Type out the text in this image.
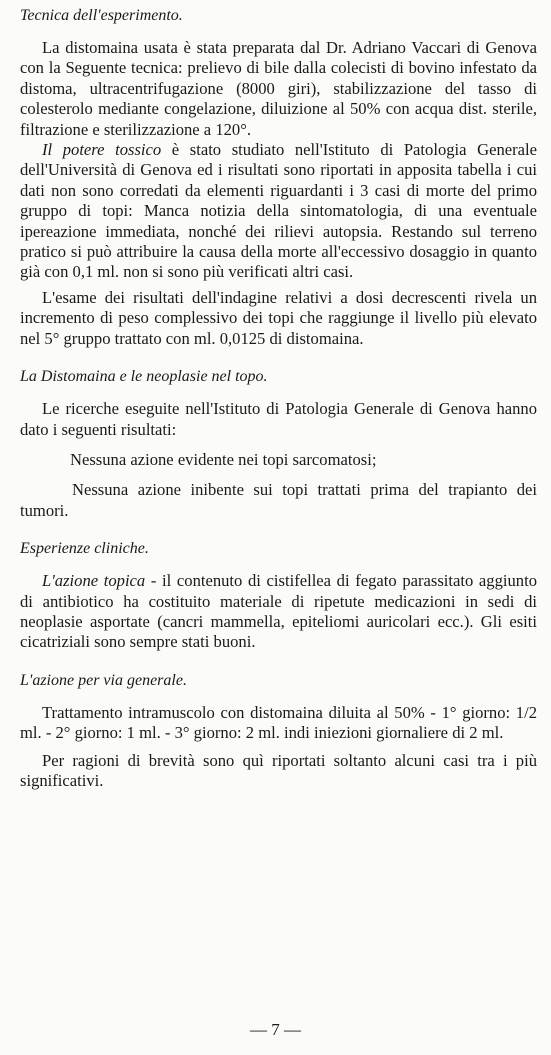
Tecnica dell'esperimento.

La distomaina usata è stata preparata dal Dr. Adriano Vaccari di Genova con la Seguente tecnica: prelievo di bile dalla colecisti di bovino infestato da distoma, ultracentrifugazione (8000 giri), stabilizzazione del tasso di colesterolo mediante congelazione, diluizione al 50% con acqua dist. sterile, filtrazione e sterilizzazione a 120°.

Il potere tossico è stato studiato nell'Istituto di Patologia Generale dell'Università di Genova ed i risultati sono riportati in apposita tabella i cui dati non sono corredati da elementi riguardanti i 3 casi di morte del primo gruppo di topi: Manca notizia della sintomatologia, di una eventuale ipereazione immediata, nonché dei rilievi autopsia. Restando sul terreno pratico si può attribuire la causa della morte all'eccessivo dosaggio in quanto già con 0,1 ml. non si sono più verificati altri casi.

L'esame dei risultati dell'indagine relativi a dosi decrescenti rivela un incremento di peso complessivo dei topi che raggiunge il livello più elevato nel 5° gruppo trattato con ml. 0,0125 di distomaina.

La Distomaina e le neoplasie nel topo.

Le ricerche eseguite nell'Istituto di Patologia Generale di Genova hanno dato i seguenti risultati:

Nessuna azione evidente nei topi sarcomatosi;

Nessuna azione inibente sui topi trattati prima del trapianto dei tumori.

Esperienze cliniche.

L'azione topica - il contenuto di cistifellea di fegato parassitato aggiunto di antibiotico ha costituito materiale di ripetute medicazioni in sedi di neoplasie asportate (cancri mammella, epiteliomi auricolari ecc.). Gli esiti cicatriziali sono sempre stati buoni.

L'azione per via generale.

Trattamento intramuscolo con distomaina diluita al 50% - 1° giorno: 1/2 ml. - 2° giorno: 1 ml. - 3° giorno: 2 ml. indi iniezioni giornaliere di 2 ml.

Per ragioni di brevità sono quì riportati soltanto alcuni casi tra i più significativi.

— 7 —
